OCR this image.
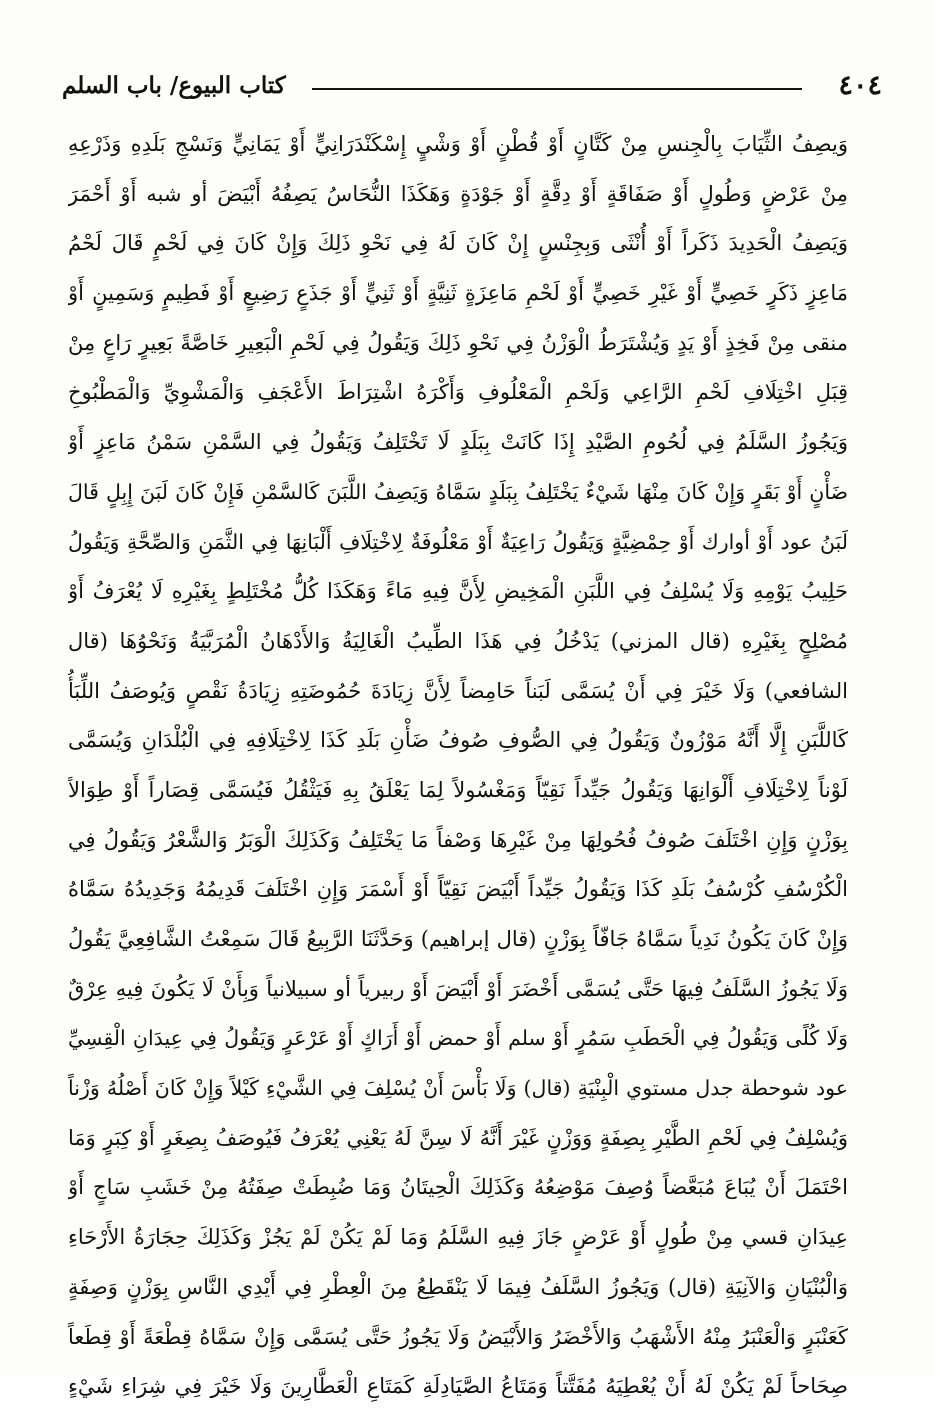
٤٠٤
كتاب البيوع/ باب السلم
وَيصِفُ الثِّيَابَ بِالْجِنسِ مِنْ كَتَّانٍ أَوْ قُطْنٍ أَوْ وَشْيٍ إِسْكَنْدَرَانِيٍّ أَوْ يَمَانِيٍّ وَنَسْجِ بَلَدِهِ وَذَرْعِهِ
مِنْ عَرْضٍ وَطُولٍ أَوْ صَفَاقَةٍ أَوْ دِقَّةٍ أَوْ جَوْدَةٍ وَهَكَذَا النُّحَاسُ يَصِفُهُ أَبْيَضَ أو شبه أَوْ أَحْمَرَ
وَيَصِفُ الْحَدِيدَ ذَكَراً أَوْ أُنْثَى وَبِجِنْسٍ إِنْ كَانَ لَهُ فِي نَحْوِ ذَلِكَ وَإِنْ كَانَ فِي لَحْمٍ قَالَ لَحْمُ
مَاعِزٍ ذَكَرٍ خَصِيٍّ أَوْ غَيْرِ خَصِيٍّ أَوْ لَحْمِ مَاعِزَةٍ ثَنِيَّةٍ أَوْ ثَنِيٍّ أَوْ جَذَعٍ رَضِيعٍ أَوْ فَطِيمٍ وَسَمِينٍ أَوْ
منقى مِنْ فَخِذٍ أَوْ يَدٍ وَيُشْتَرَطُ الْوَزْنُ فِي نَحْوِ ذَلِكَ وَيَقُولُ فِي لَحْمِ الْبَعِيرِ خَاصَّةً بَعِيرٍ رَاعٍ مِنْ
قِبَلِ اخْتِلَافِ لَحْمِ الرَّاعِي وَلَحْمِ الْمَعْلُوفِ وَأَكْرَهُ اشْتِرَاطَ الأَعْجَفِ وَالْمَشْوِيِّ وَالْمَطْبُوخِ
وَيَجُوزُ السَّلَمُ فِي لُحُومِ الصَّيْدِ إِذَا كَانَتْ بِبَلَدٍ لَا تَخْتَلِفُ وَيَقُولُ فِي السَّمْنِ سَمْنُ مَاعِزٍ أَوْ
ضَأْنٍ أَوْ بَقَرٍ وَإِنْ كَانَ مِنْهَا شَيْءٌ يَخْتَلِفُ بِبَلَدٍ سَمَّاهُ وَيَصِفُ اللَّبَنَ كَالسَّمْنِ فَإِنْ كَانَ لَبَنَ إِبِلٍ قَالَ
لَبَنُ عود أَوْ أوارك أَوْ حِمْضِيَّةٍ وَيَقُولُ رَاعِيَةٌ أَوْ مَعْلُوفَةٌ لِاخْتِلَافِ أَلْبَانِهَا فِي الثَّمَنِ وَالصِّحَّةِ وَيَقُولُ
حَلِيبُ يَوْمِهِ وَلَا يُسْلِفُ فِي اللَّبَنِ الْمَخِيضِ لِأَنَّ فِيهِ مَاءً وَهَكَذَا كُلُّ مُخْتَلِطٍ بِغَيْرِهِ لَا يُعْرَفُ أَوْ
مُصْلِحٍ بِغَيْرِهِ (قال المزني) يَدْخُلُ فِي هَذَا الطِّيبُ الْغَالِيَةُ وَالأَدْهَانُ الْمُرَبَّيَةُ وَنَحْوُهَا (قال
الشافعي) وَلَا خَيْرَ فِي أَنْ يُسَمَّى لَبَناً حَامِضاً لِأَنَّ زِيَادَةَ حُمُوضَتِهِ زِيَادَةُ نَقْصٍ وَيُوصَفُ اللِّبَأُ
كَاللَّبَنِ إِلَّا أَنَّهُ مَوْزُونٌ وَيَقُولُ فِي الصُّوفِ صُوفُ ضَأْنِ بَلَدِ كَذَا لِاخْتِلَافِهِ فِي الْبُلْدَانِ وَيُسَمَّى
لَوْناً لِاخْتِلَافِ أَلْوَانِهَا وَيَقُولُ جَيِّداً نَقِيّاً وَمَغْسُولاً لِمَا يَعْلَقُ بِهِ فَيَثْقُلُ فَيُسَمَّى قِصَاراً أَوْ طِوَالاً
بِوَزْنٍ وَإِنِ اخْتَلَفَ صُوفُ فُحُولِهَا مِنْ غَيْرِهَا وَصْفاً مَا يَخْتَلِفُ وَكَذَلِكَ الْوَبَرُ وَالشَّعْرُ وَيَقُولُ فِي
الْكُرْسُفِ كُرْسُفُ بَلَدِ كَذَا وَيَقُولُ جَيِّداً أَبْيَضَ نَقِيّاً أَوْ أَسْمَرَ وَإِنِ اخْتَلَفَ قَدِيمُهُ وَجَدِيدُهُ سَمَّاهُ
وَإِنْ كَانَ يَكُونُ نَدِياً سَمَّاهُ جَافّاً بِوَزْنٍ (قال إبراهيم) وَحَدَّثَنَا الرَّبِيعُ قَالَ سَمِعْتُ الشَّافِعِيَّ يَقُولُ
وَلَا يَجُوزُ السَّلَفُ فِيهَا حَتَّى يُسَمَّى أَخْضَرَ أَوْ أَبْيَضَ أَوْ ربيرياً أو سبيلانياً وَبِأَنْ لَا يَكُونَ فِيهِ عِرْقٌ
وَلَا كُلًى وَيَقُولُ فِي الْحَطَبِ سَمُرٍ أَوْ سلم أَوْ حمض أَوْ أَرَاكٍ أَوْ عَرْعَرٍ وَيَقُولُ فِي عِيدَانِ الْقِسِيِّ
عود شوحطة جدل مستوي الْبِنْيَةِ (قال) وَلَا بَأْسَ أَنْ يُسْلِفَ فِي الشَّيْءِ كَيْلاً وَإِنْ كَانَ أَصْلُهُ وَزْناً
وَيُسْلِفُ فِي لَحْمِ الطَّيْرِ بِصِفَةٍ وَوَزْنٍ غَيْرَ أَنَّهُ لَا سِنَّ لَهُ يَعْنِي يُعْرَفُ فَيُوصَفُ بِصِغَرٍ أَوْ كِبَرٍ وَمَا
احْتَمَلَ أَنْ يُبَاعَ مُبَعَّضاً وُصِفَ مَوْضِعُهُ وَكَذَلِكَ الْحِيتَانُ وَمَا ضُبِطَتْ صِفَتُهُ مِنْ خَشَبِ سَاجٍ أَوْ
عِيدَانِ قسي مِنْ طُولٍ أَوْ عَرْضٍ جَازَ فِيهِ السَّلَمُ وَمَا لَمْ يَكُنْ لَمْ يَجُزْ وَكَذَلِكَ حِجَارَةُ الأَرْحَاءِ
وَالْبُنْيَانِ وَالآنِيَةِ (قال) وَيَجُوزُ السَّلَفُ فِيمَا لَا يَنْقَطِعُ مِنَ الْعِطْرِ فِي أَيْدِي النَّاسِ بِوَزْنٍ وَصِفَةٍ
كَعَنْبَرٍ وَالْعَنْبَرُ مِنْهُ الأَشْهَبُ وَالأَخْضَرُ وَالأَبْيَضُ وَلَا يَجُوزُ حَتَّى يُسَمَّى وَإِنْ سَمَّاهُ قِطْعَةً أَوْ قِطَعاً
صِحَاحاً لَمْ يَكُنْ لَهُ أَنْ يُعْطِيَهُ مُفَتَّتاً وَمَتَاعُ الصَّيَادِلَةِ كَمَتَاعِ الْعَطَّارِينَ وَلَا خَيْرَ فِي شِرَاءِ شَيْءٍ
